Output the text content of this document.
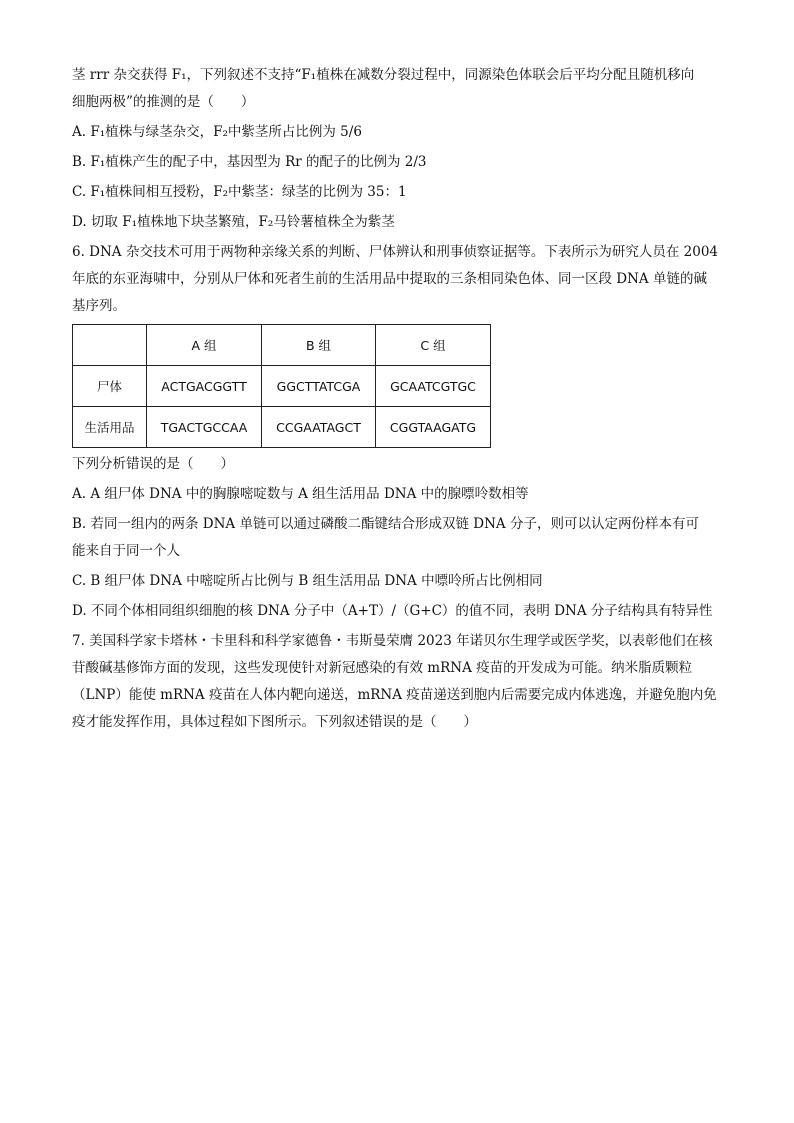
茎 rrr 杂交获得 F₁，下列叙述不支持“F₁植株在减数分裂过程中，同源染色体联会后平均分配且随机移向
细胞两极”的推测的是（　　）
A. F₁植株与绿茎杂交，F₂中紫茎所占比例为 5/6
B. F₁植株产生的配子中，基因型为 Rr 的配子的比例为 2/3
C. F₁植株间相互授粉，F₂中紫茎：绿茎的比例为 35：1
D. 切取 F₁植株地下块茎繁殖，F₂马铃薯植株全为紫茎
6. DNA 杂交技术可用于两物种亲缘关系的判断、尸体辨认和刑事侦察证据等。下表所示为研究人员在 2004
年底的东亚海啸中，分别从尸体和死者生前的生活用品中提取的三条相同染色体、同一区段 DNA 单链的碱
基序列。
	A 组	B 组	C 组
尸体	ACTGACGGTT	GGCTTATCGA	GCAATCGTGC
生活用品	TGACTGCCAA	CCGAATAGCT	CGGTAAGATG
下列分析错误的是（　　）
A. A 组尸体 DNA 中的胸腺嘧啶数与 A 组生活用品 DNA 中的腺嘌呤数相等
B. 若同一组内的两条 DNA 单链可以通过磷酸二酯键结合形成双链 DNA 分子，则可以认定两份样本有可
能来自于同一个人
C. B 组尸体 DNA 中嘧啶所占比例与 B 组生活用品 DNA 中嘌呤所占比例相同
D. 不同个体相同组织细胞的核 DNA 分子中（A+T）/（G+C）的值不同，表明 DNA 分子结构具有特异性
7. 美国科学家卡塔林・卡里科和科学家德鲁・韦斯曼荣膺 2023 年诺贝尔生理学或医学奖，以表彰他们在核
苷酸碱基修饰方面的发现，这些发现使针对新冠感染的有效 mRNA 疫苗的开发成为可能。纳米脂质颗粒
（LNP）能使 mRNA 疫苗在人体内靶向递送，mRNA 疫苗递送到胞内后需要完成内体逃逸，并避免胞内免
疫才能发挥作用，具体过程如下图所示。下列叙述错误的是（　　）
